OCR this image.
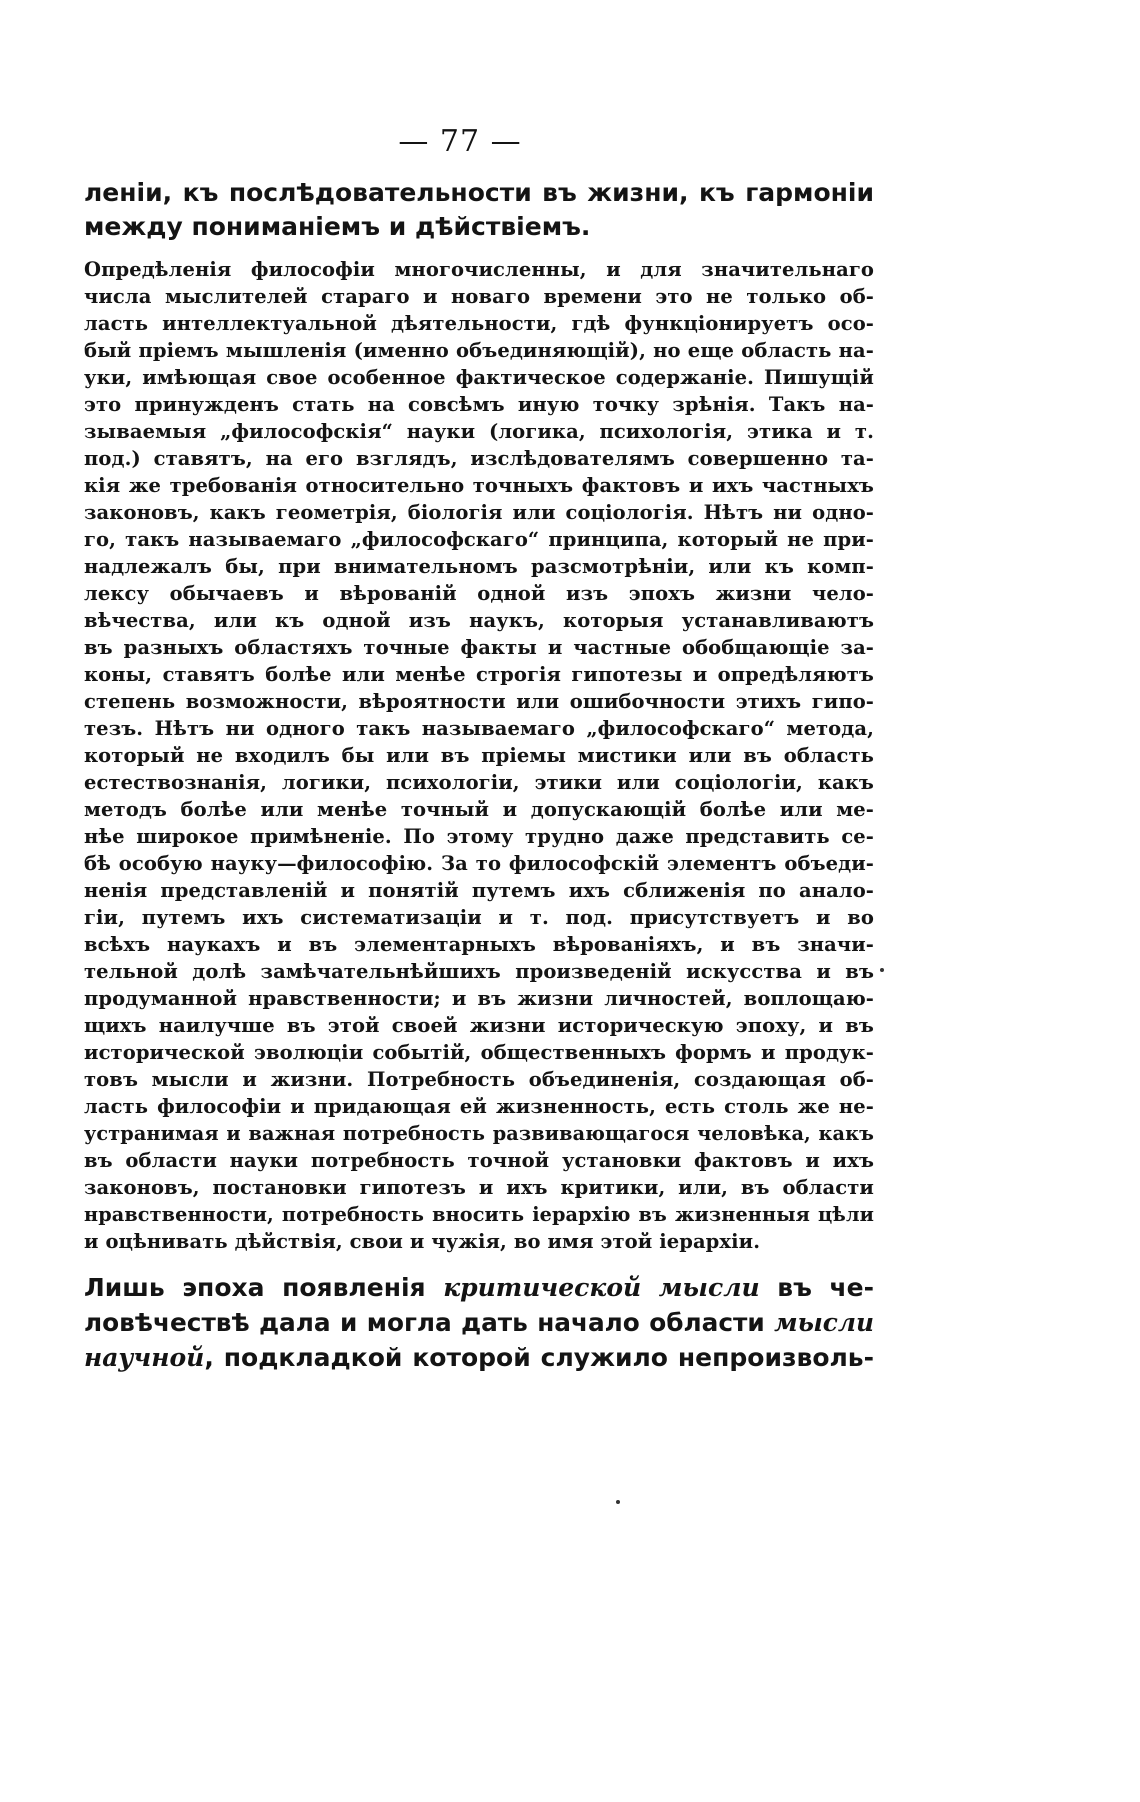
— 77 —

леніи, къ послѣдовательности въ жизни, къ гармоніи

между пониманіемъ и дѣйствіемъ.

Опредѣленія философіи многочисленны, и для значительнаго

числа мыслителей стараго и новаго времени это не только об-

ласть интеллектуальной дѣятельности, гдѣ функціонируетъ осо-

бый пріемъ мышленія (именно объединяющій), но еще область на-

уки, имѣющая свое особенное фактическое содержаніе. Пишущій

это принужденъ стать на совсѣмъ иную точку зрѣнія. Такъ на-

зываемыя „философскія“ науки (логика, психологія, этика и т.

под.) ставятъ, на его взглядъ, изслѣдователямъ совершенно та-

кія же требованія относительно точныхъ фактовъ и ихъ частныхъ

законовъ, какъ геометрія, біологія или соціологія. Нѣтъ ни одно-

го, такъ называемаго „философскаго“ принципа, который не при-

надлежалъ бы, при внимательномъ разсмотрѣніи, или къ комп-

лексу обычаевъ и вѣрованій одной изъ эпохъ жизни чело-

вѣчества, или къ одной изъ наукъ, которыя устанавливаютъ

въ разныхъ областяхъ точные факты и частные обобщающіе за-

коны, ставятъ болѣе или менѣе строгія гипотезы и опредѣляютъ

степень возможности, вѣроятности или ошибочности этихъ гипо-

тезъ. Нѣтъ ни одного такъ называемаго „философскаго“ метода,

который не входилъ бы или въ пріемы мистики или въ область

естествознанія, логики, психологіи, этики или соціологіи, какъ

методъ болѣе или менѣе точный и допускающій болѣе или ме-

нѣе широкое примѣненіе. По этому трудно даже представить се-

бѣ особую науку—философію. За то философскій элементъ объеди-

ненія представленій и понятій путемъ ихъ сближенія по анало-

гіи, путемъ ихъ систематизаціи и т. под. присутствуетъ и во

всѣхъ наукахъ и въ элементарныхъ вѣрованіяхъ, и въ значи-

тельной долѣ замѣчательнѣйшихъ произведеній искусства и въ

продуманной нравственности; и въ жизни личностей, воплощаю-

щихъ наилучше въ этой своей жизни историческую эпоху, и въ

исторической эволюціи событій, общественныхъ формъ и продук-

товъ мысли и жизни. Потребность объединенія, создающая об-

ласть философіи и придающая ей жизненность, есть столь же не-

устранимая и важная потребность развивающагося человѣка, какъ

въ области науки потребность точной установки фактовъ и ихъ

законовъ, постановки гипотезъ и ихъ критики, или, въ области

нравственности, потребность вносить іерархію въ жизненныя цѣли

и оцѣнивать дѣйствія, свои и чужія, во имя этой іерархіи.

Лишь эпоха появленія критической мысли въ че-

ловѣчествѣ дала и могла дать начало области мысли

научной, подкладкой которой служило непроизволь-
